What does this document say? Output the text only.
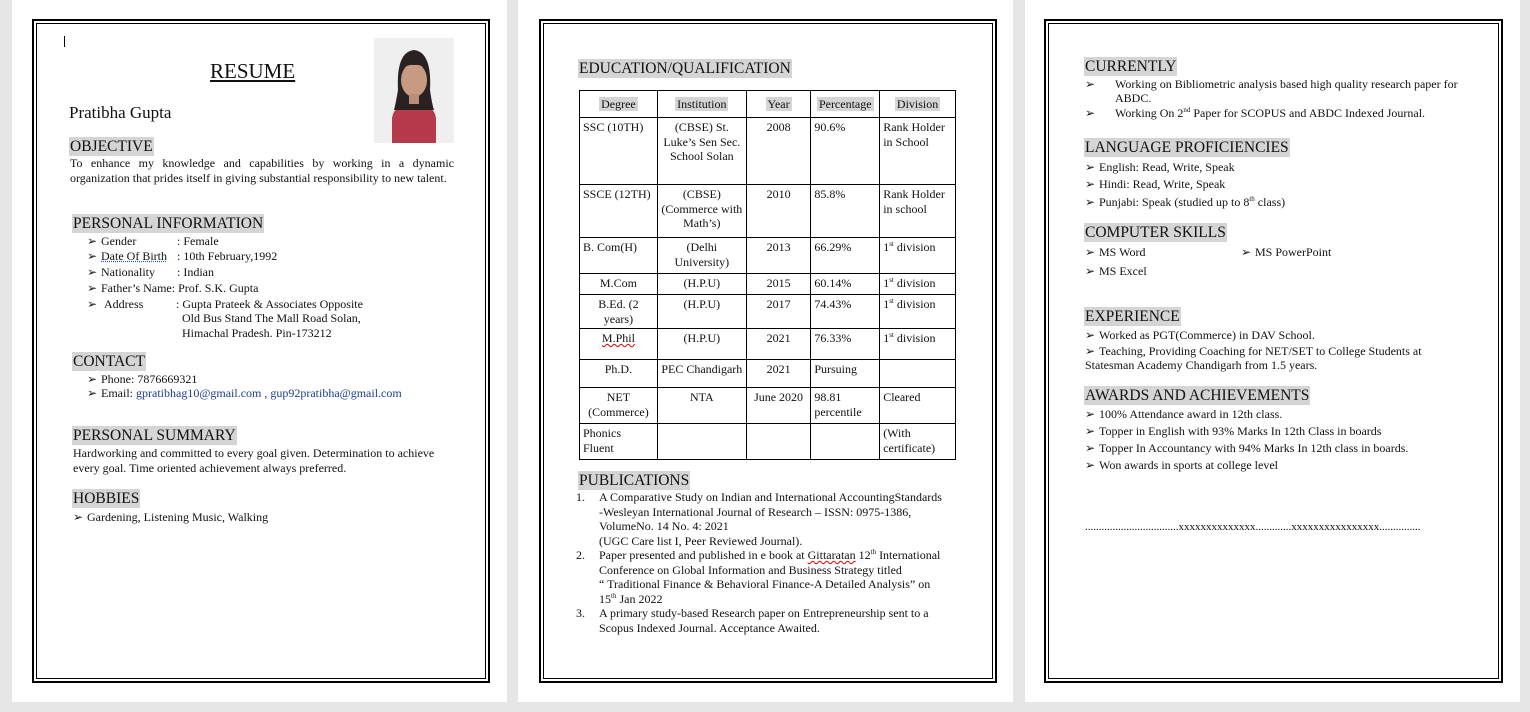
RESUME
Pratibha Gupta
OBJECTIVE
To enhance my knowledge and capabilities by working in a dynamic organization that prides itself in giving substantial responsibility to new talent.
PERSONAL INFORMATION
➢ Gender	: Female
➢ Date Of Birth : 10th February,1992
➢ Nationality : Indian
➢ Father’s Name: Prof. S.K. Gupta
➢ Address	: Gupta Prateek & Associates Opposite
Old Bus Stand The Mall Road Solan,
Himachal Pradesh. Pin-173212
CONTACT
➢ Phone: 7876669321
➢ Email: gpratibhag10@gmail.com , gup92pratibha@gmail.com
PERSONAL SUMMARY
Hardworking and committed to every goal given. Determination to achieve every goal. Time oriented achievement always preferred.
HOBBIES
➢ Gardening, Listening Music, Walking
EDUCATION/QUALIFICATION
Degree	Institution	Year	Percentage	Division
SSC (10TH)	(CBSE) St. Luke’s Sen Sec. School Solan	2008	90.6%	Rank Holder in School
SSCE (12TH)	(CBSE) (Commerce with Math’s)	2010	85.8%	Rank Holder in school
B. Com(H)	(Delhi University)	2013	66.29%	1st division
M.Com	(H.P.U)	2015	60.14%	1st division
B.Ed. (2 years)	(H.P.U)	2017	74.43%	1st division
M.Phil	(H.P.U)	2021	76.33%	1st division
Ph.D.	PEC Chandigarh	2021	Pursuing	
NET (Commerce)	NTA	June 2020	98.81 percentile	Cleared
Phonics Fluent				(With certificate)
PUBLICATIONS
1. A Comparative Study on Indian and International AccountingStandards
-Wesleyan International Journal of Research – ISSN: 0975-1386,
VolumeNo. 14 No. 4: 2021
(UGC Care list I, Peer Reviewed Journal).
2. Paper presented and published in e book at Gittaratan 12th International
Conference on Global Information and Business Strategy titled
“ Traditional Finance & Behavioral Finance-A Detailed Analysis” on
15th Jan 2022
3. A primary study-based Research paper on Entrepreneurship sent to a
Scopus Indexed Journal. Acceptance Awaited.
CURRENTLY
➢ Working on Bibliometric analysis based high quality research paper for
ABDC.
➢ Working On 2nd Paper for SCOPUS and ABDC Indexed Journal.
LANGUAGE PROFICIENCIES
➢ English: Read, Write, Speak
➢ Hindi: Read, Write, Speak
➢ Punjabi: Speak (studied up to 8th class)
COMPUTER SKILLS
➢ MS Word	➢ MS PowerPoint
➢ MS Excel
EXPERIENCE
➢ Worked as PGT(Commerce) in DAV School.
➢ Teaching, Providing Coaching for NET/SET to College Students at
Statesman Academy Chandigarh from 1.5 years.
AWARDS AND ACHIEVEMENTS
➢ 100% Attendance award in 12th class.
➢ Topper in English with 93% Marks In 12th Class in boards
➢ Topper In Accountancy with 94% Marks In 12th class in boards.
➢ Won awards in sports at college level
..................................xxxxxxxxxxxxxx.............xxxxxxxxxxxxxxxx...............
